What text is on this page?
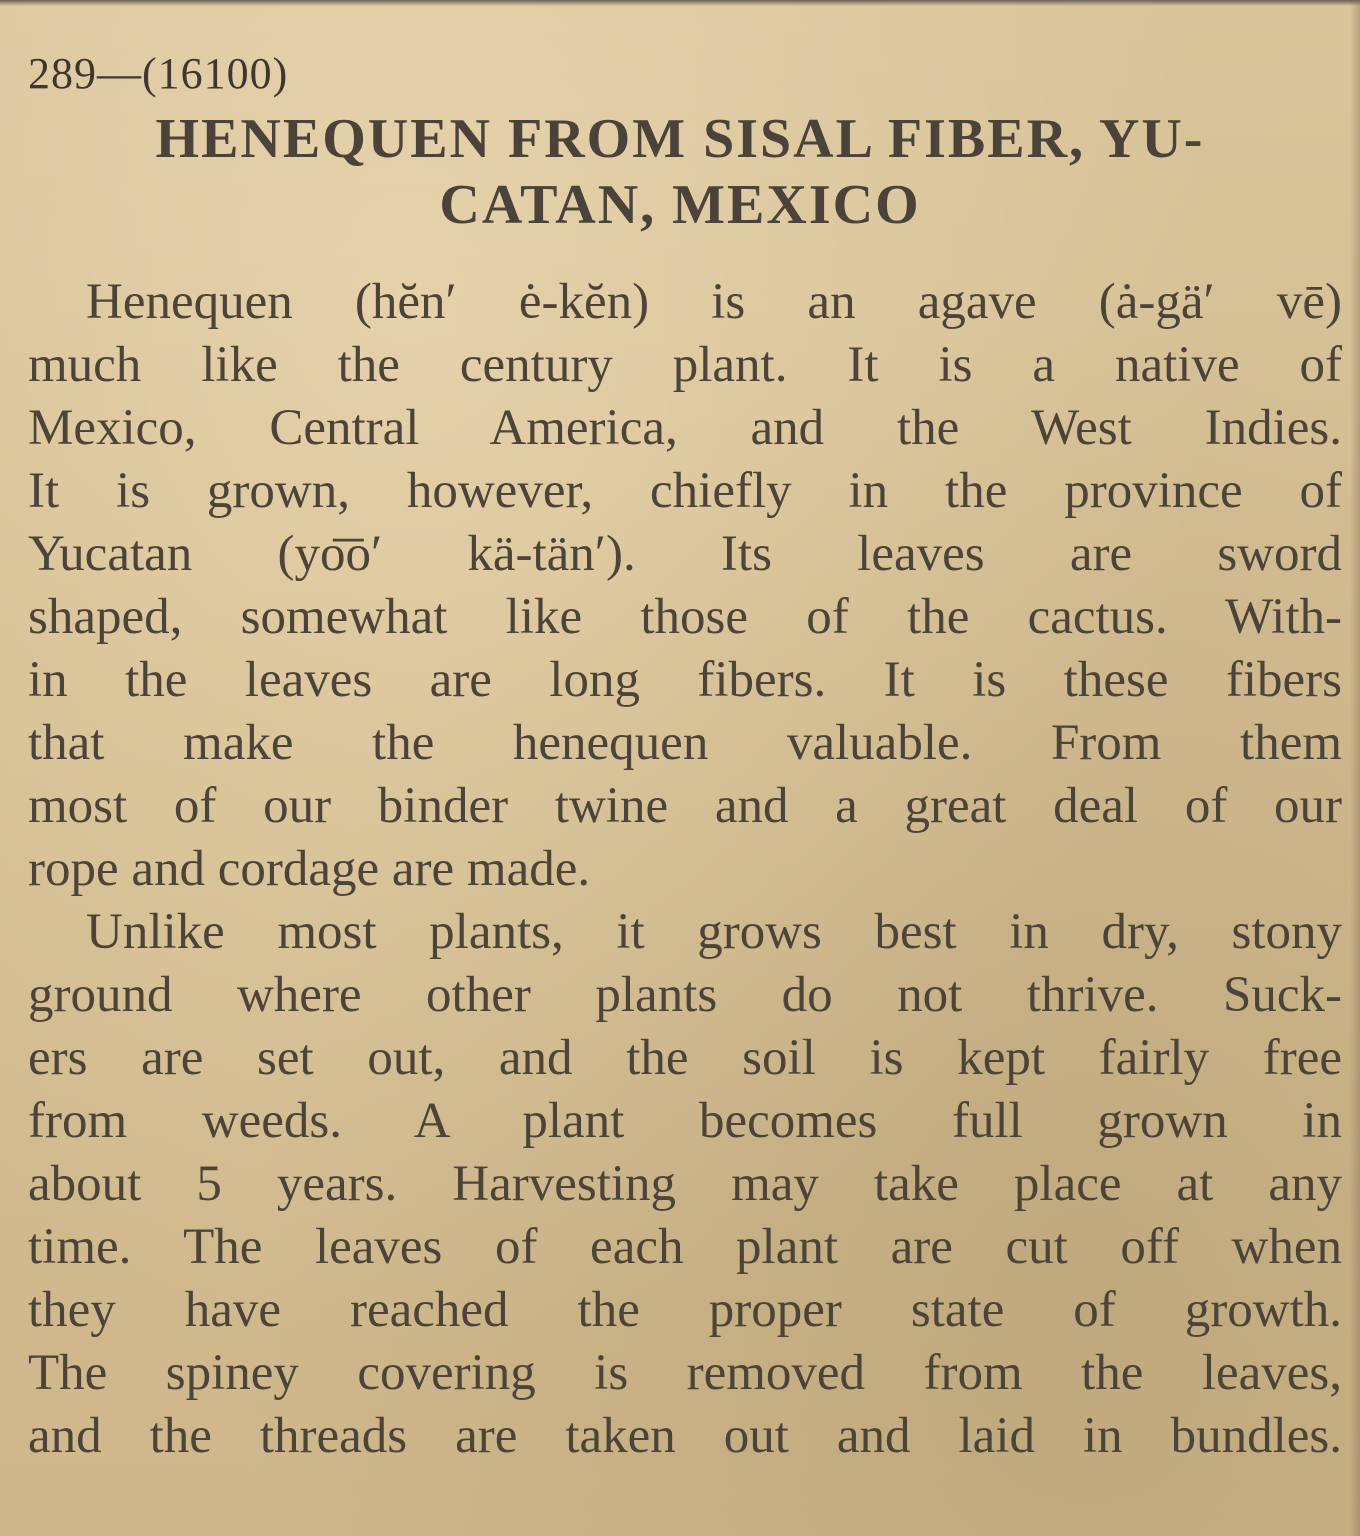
289—(16100)
HENEQUEN FROM SISAL FIBER, YU-
CATAN, MEXICO
Henequen (hĕn′ ė-kĕn) is an agave (ȧ-gä′ vē)
much like the century plant. It is a native of
Mexico, Central America, and the West Indies.
It is grown, however, chiefly in the province of
Yucatan (yo͞o′ kä-tän′). Its leaves are sword
shaped, somewhat like those of the cactus. With-
in the leaves are long fibers. It is these fibers
that make the henequen valuable. From them
most of our binder twine and a great deal of our
rope and cordage are made.
Unlike most plants, it grows best in dry, stony
ground where other plants do not thrive. Suck-
ers are set out, and the soil is kept fairly free
from weeds. A plant becomes full grown in
about 5 years. Harvesting may take place at any
time. The leaves of each plant are cut off when
they have reached the proper state of growth.
The spiney covering is removed from the leaves,
and the threads are taken out and laid in bundles.
